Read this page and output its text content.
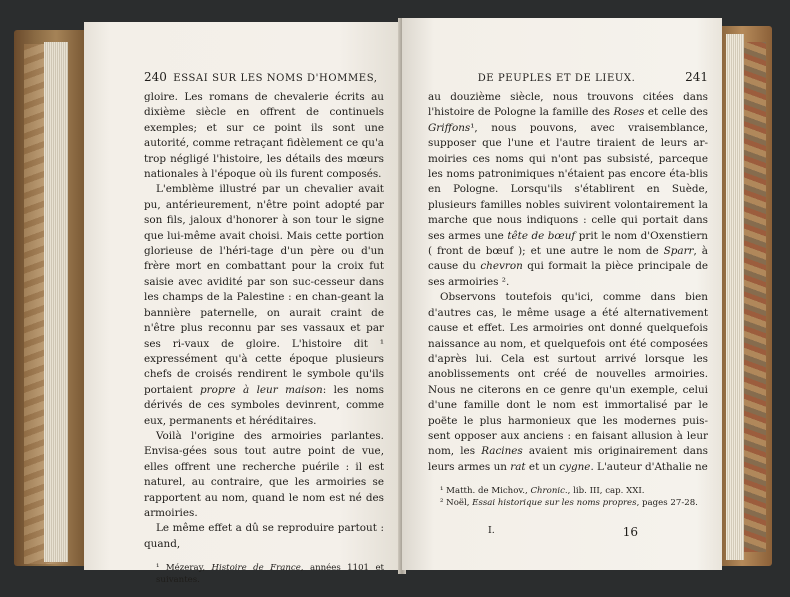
240 ESSAI SUR LES NOMS D'HOMMES,

gloire. Les romans de chevalerie écrits au dixième siècle en offrent de continuels exemples; et sur ce point ils sont une autorité, comme retraçant fidèlement ce qu'a trop négligé l'histoire, les détails des mœurs nationales à l'époque où ils furent composés.

L'emblème illustré par un chevalier avait pu, antérieurement, n'être point adopté par son fils, jaloux d'honorer à son tour le signe que lui-même avait choisi. Mais cette portion glorieuse de l'héri-tage d'un père ou d'un frère mort en combattant pour la croix fut saisie avec avidité par son suc-cesseur dans les champs de la Palestine : en chan-geant la bannière paternelle, on aurait craint de n'être plus reconnu par ses vassaux et par ses ri-vaux de gloire. L'histoire dit ¹ expressément qu'à cette époque plusieurs chefs de croisés rendirent le symbole qu'ils portaient propre à leur maison: les noms dérivés de ces symboles devinrent, comme eux, permanents et héréditaires.

Voilà l'origine des armoiries parlantes. Envisa-gées sous tout autre point de vue, elles offrent une recherche puérile : il est naturel, au contraire, que les armoiries se rapportent au nom, quand le nom est né des armoiries.

Le même effet a dû se reproduire partout : quand,

¹ Mézeray, Histoire de France, années 1101 et suivantes.

DE PEUPLES ET DE LIEUX.	241

au douzième siècle, nous trouvons citées dans l'histoire de Pologne la famille des Roses et celle des Griffons¹, nous pouvons, avec vraisemblance, supposer que l'une et l'autre tiraient de leurs ar-moiries ces noms qui n'ont pas subsisté, parceque les noms patronimiques n'étaient pas encore éta-blis en Pologne. Lorsqu'ils s'établirent en Suède, plusieurs familles nobles suivirent volontairement la marche que nous indiquons : celle qui portait dans ses armes une tête de bœuf prit le nom d'Oxenstiern ( front de bœuf ); et une autre le nom de Sparr, à cause du chevron qui formait la pièce principale de ses armoiries ².

Observons toutefois qu'ici, comme dans bien d'autres cas, le même usage a été alternativement cause et effet. Les armoiries ont donné quelquefois naissance au nom, et quelquefois ont été composées d'après lui. Cela est surtout arrivé lorsque les anoblissements ont créé de nouvelles armoiries. Nous ne citerons en ce genre qu'un exemple, celui d'une famille dont le nom est immortalisé par le poëte le plus harmonieux que les modernes puis-sent opposer aux anciens : en faisant allusion à leur nom, les Racines avaient mis originairement dans leurs armes un rat et un cygne. L'auteur d'Athalie ne

¹ Matth. de Michov., Chronic., lib. III, cap. XXI.

² Noël, Essai historique sur les noms propres, pages 27-28.

I.	16
